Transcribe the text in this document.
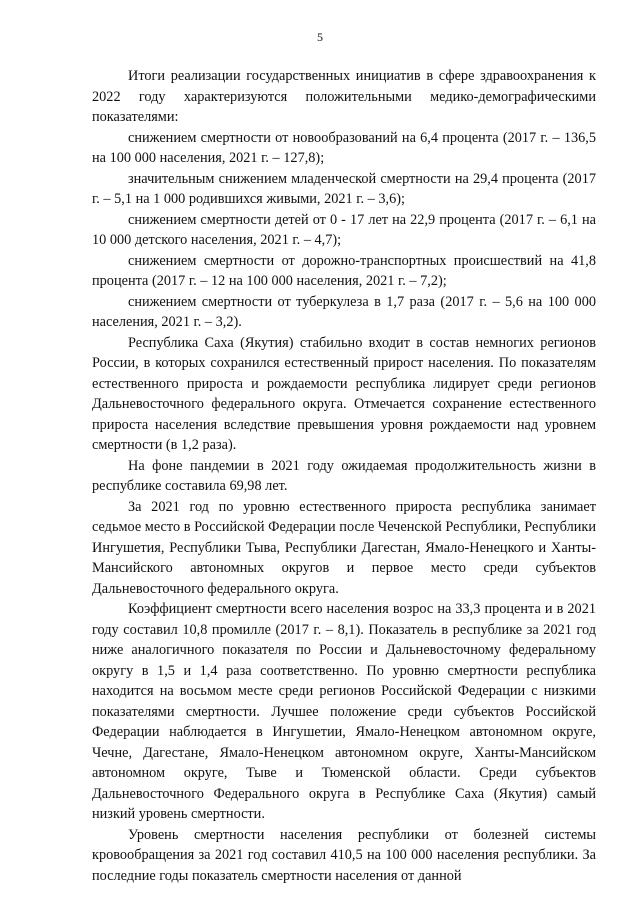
5

Итоги реализации государственных инициатив в сфере здравоохранения к 2022 году характеризуются положительными медико-демографическими показателями:

снижением смертности от новообразований на 6,4 процента (2017 г. – 136,5 на 100 000 населения, 2021 г. – 127,8);

значительным снижением младенческой смертности на 29,4 процента (2017 г. – 5,1 на 1 000 родившихся живыми, 2021 г. – 3,6);

снижением смертности детей от 0 - 17 лет на 22,9 процента (2017 г. – 6,1 на 10 000 детского населения, 2021 г. – 4,7);

снижением смертности от дорожно-транспортных происшествий на 41,8 процента (2017 г. – 12 на 100 000 населения, 2021 г. – 7,2);

снижением смертности от туберкулеза в 1,7 раза (2017 г. – 5,6 на 100 000 населения, 2021 г. – 3,2).

Республика Саха (Якутия) стабильно входит в состав немногих регионов России, в которых сохранился естественный прирост населения. По показателям естественного прироста и рождаемости республика лидирует среди регионов Дальневосточного федерального округа. Отмечается сохранение естественного прироста населения вследствие превышения уровня рождаемости над уровнем смертности (в 1,2 раза).

На фоне пандемии в 2021 году ожидаемая продолжительность жизни в республике составила 69,98 лет.

За 2021 год по уровню естественного прироста республика занимает седьмое место в Российской Федерации после Чеченской Республики, Республики Ингушетия, Республики Тыва, Республики Дагестан, Ямало-Ненецкого и Ханты-Мансийского автономных округов и первое место среди субъектов Дальневосточного федерального округа.

Коэффициент смертности всего населения возрос на 33,3 процента и в 2021 году составил 10,8 промилле (2017 г. – 8,1). Показатель в республике за 2021 год ниже аналогичного показателя по России и Дальневосточному федеральному округу в 1,5 и 1,4 раза соответственно. По уровню смертности республика находится на восьмом месте среди регионов Российской Федерации с низкими показателями смертности. Лучшее положение среди субъектов Российской Федерации наблюдается в Ингушетии, Ямало-Ненецком автономном округе, Чечне, Дагестане, Ямало-Ненецком автономном округе, Ханты-Мансийском автономном округе, Тыве и Тюменской области. Среди субъектов Дальневосточного Федерального округа в Республике Саха (Якутия) самый низкий уровень смертности.

Уровень смертности населения республики от болезней системы кровообращения за 2021 год составил 410,5 на 100 000 населения республики. За последние годы показатель смертности населения от данной
